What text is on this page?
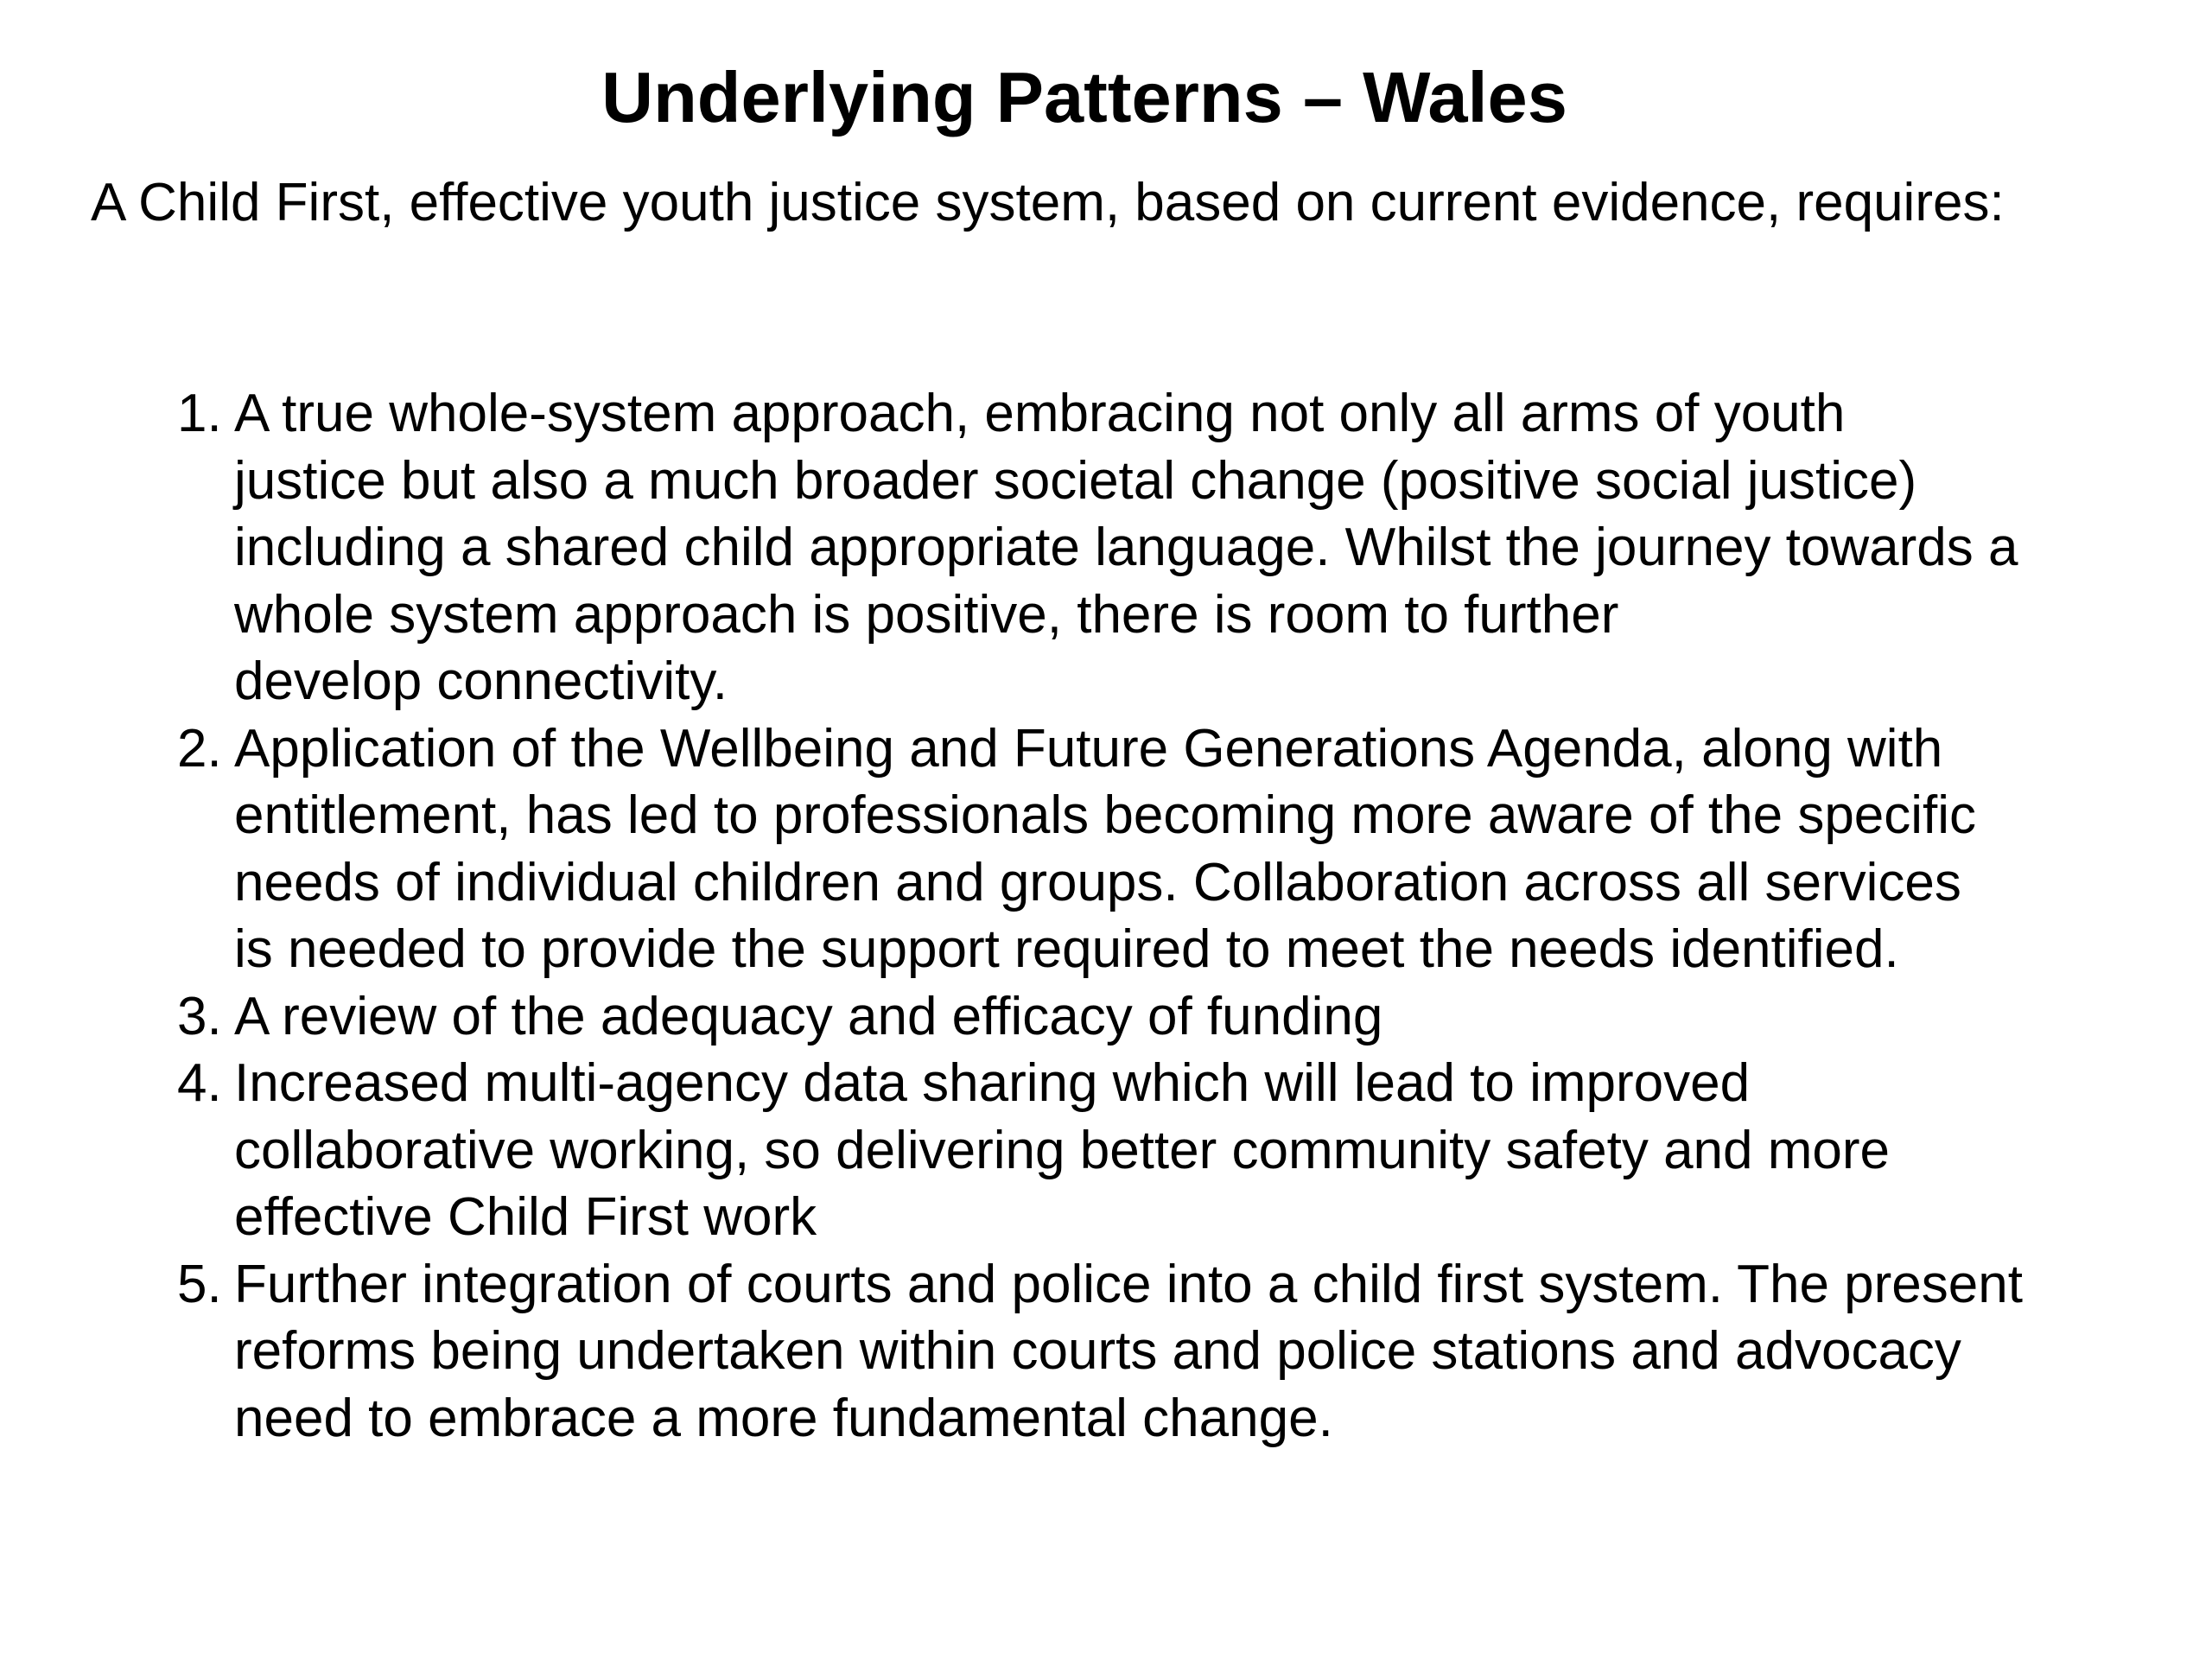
Underlying Patterns – Wales

A Child First, effective youth justice system, based on current evidence, requires:

1. A true whole-system approach, embracing not only all arms of youth
justice but also a much broader societal change (positive social justice)
including a shared child appropriate language. Whilst the journey towards a
whole system approach is positive, there is room to further
develop connectivity.
2. Application of the Wellbeing and Future Generations Agenda, along with
entitlement, has led to professionals becoming more aware of the specific
needs of individual children and groups. Collaboration across all services
is needed to provide the support required to meet the needs identified.
3. A review of the adequacy and efficacy of funding
4. Increased multi-agency data sharing which will lead to improved
collaborative working, so delivering better community safety and more
effective Child First work
5. Further integration of courts and police into a child first system. The present
reforms being undertaken within courts and police stations and advocacy
need to embrace a more fundamental change.
